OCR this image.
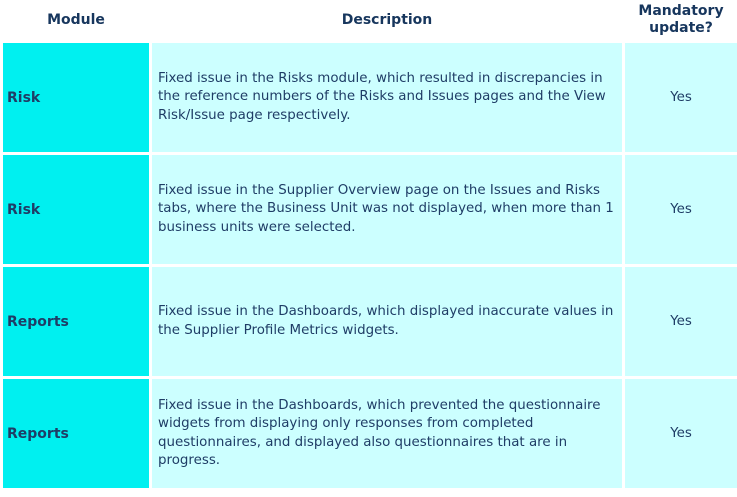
Module	Description	Mandatory update?
Risk	Fixed issue in the Risks module, which resulted in discrepancies in the reference numbers of the Risks and Issues pages and the View Risk/Issue page respectively.	Yes

Risk	Fixed issue in the Supplier Overview page on the Issues and Risks tabs, where the Business Unit was not displayed, when more than 1 business units were selected.	Yes

Reports	Fixed issue in the Dashboards, which displayed inaccurate values in the Supplier Profile Metrics widgets.	Yes

Reports	Fixed issue in the Dashboards, which prevented the questionnaire widgets from displaying only responses from completed questionnaires, and displayed also questionnaires that are in progress.	Yes
